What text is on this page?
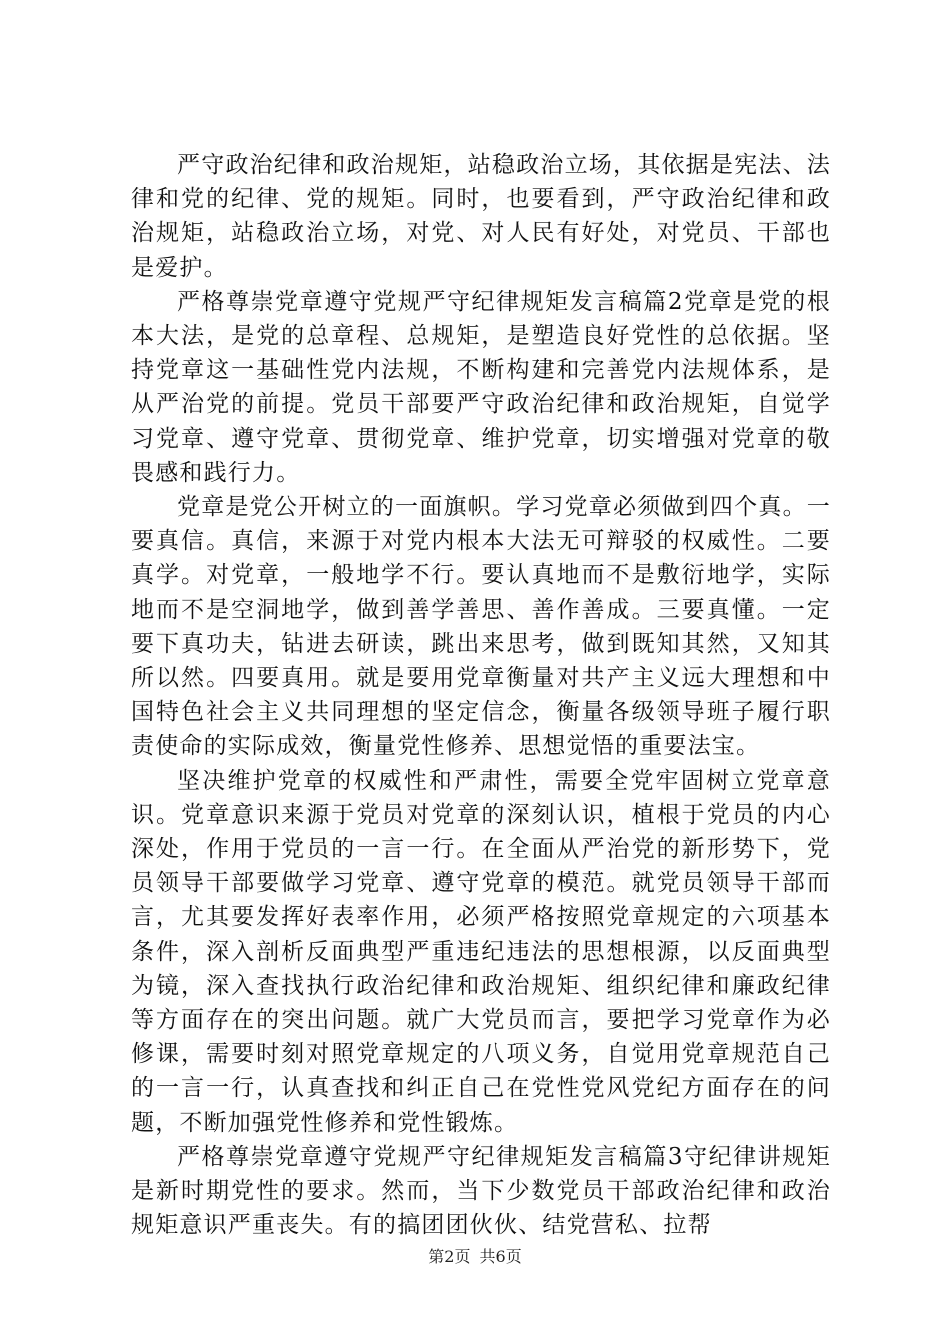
严守政治纪律和政治规矩，站稳政治立场，其依据是宪法、法律和党的纪律、党的规矩。同时，也要看到，严守政治纪律和政治规矩，站稳政治立场，对党、对人民有好处，对党员、干部也是爱护。

严格尊崇党章遵守党规严守纪律规矩发言稿篇2党章是党的根本大法，是党的总章程、总规矩，是塑造良好党性的总依据。坚持党章这一基础性党内法规，不断构建和完善党内法规体系，是从严治党的前提。党员干部要严守政治纪律和政治规矩，自觉学习党章、遵守党章、贯彻党章、维护党章，切实增强对党章的敬畏感和践行力。

党章是党公开树立的一面旗帜。学习党章必须做到四个真。一要真信。真信，来源于对党内根本大法无可辩驳的权威性。二要真学。对党章，一般地学不行。要认真地而不是敷衍地学，实际地而不是空洞地学，做到善学善思、善作善成。三要真懂。一定要下真功夫，钻进去研读，跳出来思考，做到既知其然，又知其所以然。四要真用。就是要用党章衡量对共产主义远大理想和中国特色社会主义共同理想的坚定信念，衡量各级领导班子履行职责使命的实际成效，衡量党性修养、思想觉悟的重要法宝。

坚决维护党章的权威性和严肃性，需要全党牢固树立党章意识。党章意识来源于党员对党章的深刻认识，植根于党员的内心深处，作用于党员的一言一行。在全面从严治党的新形势下，党员领导干部要做学习党章、遵守党章的模范。就党员领导干部而言，尤其要发挥好表率作用，必须严格按照党章规定的六项基本条件，深入剖析反面典型严重违纪违法的思想根源，以反面典型为镜，深入查找执行政治纪律和政治规矩、组织纪律和廉政纪律等方面存在的突出问题。就广大党员而言，要把学习党章作为必修课，需要时刻对照党章规定的八项义务，自觉用党章规范自己的一言一行，认真查找和纠正自己在党性党风党纪方面存在的问题，不断加强党性修养和党性锻炼。

严格尊崇党章遵守党规严守纪律规矩发言稿篇3守纪律讲规矩是新时期党性的要求。然而，当下少数党员干部政治纪律和政治规矩意识严重丧失。有的搞团团伙伙、结党营私、拉帮

第2页 共6页
